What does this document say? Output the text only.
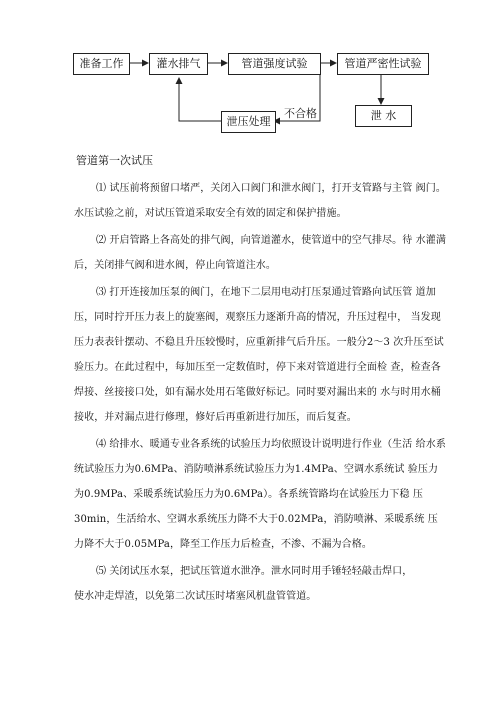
准备工作	灌水排气	管道强度试验	管道严密性试验
泄压处理	泄 水
不合格
管道第一次试压

⑴ 试压前将预留口堵严，关闭入口阀门和泄水阀门，打开支管路与主管 阀门。水压试验之前，对试压管道采取安全有效的固定和保护措施。

⑵ 开启管路上各高处的排气阀，向管道灌水，使管道中的空气排尽。待 水灌满后，关闭排气阀和进水阀，停止向管道注水。

⑶ 打开连接加压泵的阀门，在地下二层用电动打压泵通过管路向试压管 道加压，同时拧开压力表上的旋塞阀，观察压力逐渐升高的情况，升压过程中， 当发现压力表表针摆动、不稳且升压较慢时，应重新排气后升压。一般分2～3 次升压至试验压力。在此过程中，每加压至一定数值时，停下来对管道进行全面检 查，检查各焊接、丝接接口处，如有漏水处用石笔做好标记。同时要对漏出来的 水与时用水桶接收，并对漏点进行修理，修好后再重新进行加压，而后复查。

⑷ 给排水、暖通专业各系统的试验压力均依照设计说明进行作业（生活 给水系统试验压力为0.6MPa、消防喷淋系统试验压力为1.4MPa、空调水系统试 验压力为0.9MPa、采暖系统试验压力为0.6MPa）。各系统管路均在试验压力下稳 压30min，生活给水、空调水系统压力降不大于0.02MPa，消防喷淋、采暖系统 压力降不大于0.05MPa，降至工作压力后检查，不渗、不漏为合格。

⑸ 关闭试压水泵，把试压管道水泄净。泄水同时用手锤轻轻敲击焊口，

使水冲走焊渣，以免第二次试压时堵塞风机盘管管道。
